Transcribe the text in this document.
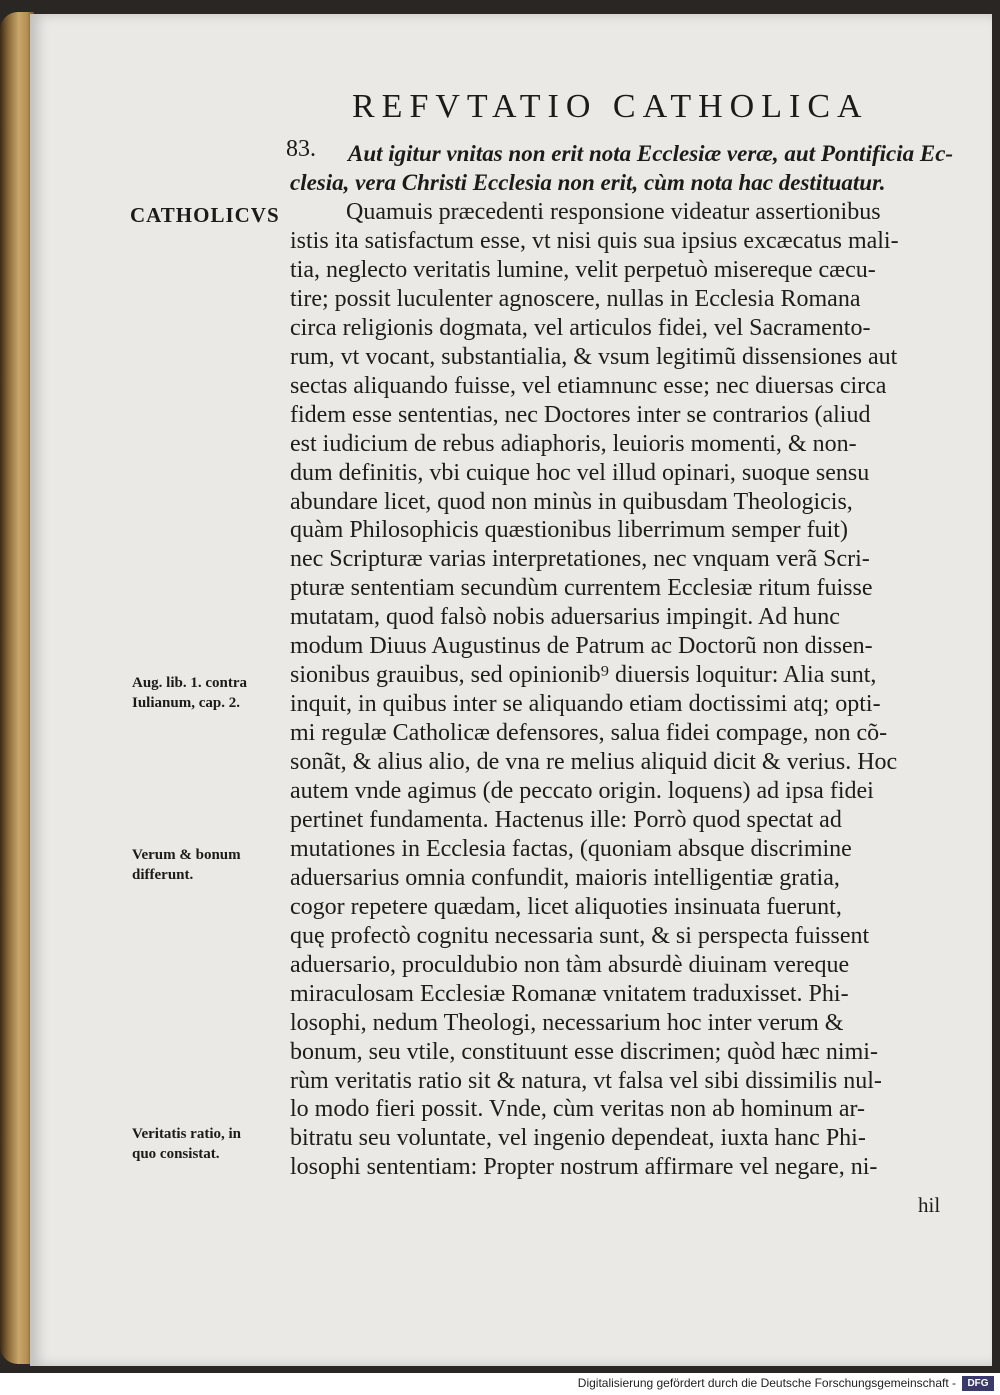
REFVTATIO CATHOLICA
83. Aut igitur vnitas non erit nota Ecclesiæ veræ, aut Pontificia Ec-
clesia, vera Christi Ecclesia non erit, cùm nota hac destituatur.
CATHOLICVS	Quamuis præcedenti responsione videatur assertionibus
istis ita satisfactum esse, vt nisi quis sua ipsius excæcatus mali-
tia, neglecto veritatis lumine, velit perpetuò misereque cæcu-
tire; possit luculenter agnoscere, nullas in Ecclesia Romana
circa religionis dogmata, vel articulos fidei, vel Sacramento-
rum, vt vocant, substantialia, & vsum legitimũ dissensiones aut
sectas aliquando fuisse, vel etiamnunc esse; nec diuersas circa
fidem esse sententias, nec Doctores inter se contrarios (aliud
est iudicium de rebus adiaphoris, leuioris momenti, & non-
dum definitis, vbi cuique hoc vel illud opinari, suoque sensu
abundare licet, quod non minùs in quibusdam Theologicis,
quàm Philosophicis quæstionibus liberrimum semper fuit)
nec Scripturæ varias interpretationes, nec vnquam verã Scri-
pturæ sententiam secundùm currentem Ecclesiæ ritum fuisse
mutatam, quod falsò nobis aduersarius impingit. Ad hunc
modum Diuus Augustinus de Patrum ac Doctorũ non dissen-
sionibus grauibus, sed opinionib⁹ diuersis loquitur: Alia sunt,
inquit, in quibus inter se aliquando etiam doctissimi atq; opti-
mi regulæ Catholicæ defensores, salua fidei compage, non cõ-
sonãt, & alius alio, de vna re melius aliquid dicit & verius. Hoc
autem vnde agimus (de peccato origin. loquens) ad ipsa fidei
pertinet fundamenta. Hactenus ille: Porrò quod spectat ad
mutationes in Ecclesia factas, (quoniam absque discrimine
aduersarius omnia confundit, maioris intelligentiæ gratia,
cogor repetere quædam, licet aliquoties insinuata fuerunt,
quę profectò cognitu necessaria sunt, & si perspecta fuissent
aduersario, proculdubio non tàm absurdè diuinam vereque
miraculosam Ecclesiæ Romanæ vnitatem traduxisset. Phi-
losophi, nedum Theologi, necessarium hoc inter verum &
bonum, seu vtile, constituunt esse discrimen; quòd hæc nimi-
rùm veritatis ratio sit & natura, vt falsa vel sibi dissimilis nul-
lo modo fieri possit. Vnde, cùm veritas non ab hominum ar-
bitratu seu voluntate, vel ingenio dependeat, iuxta hanc Phi-
losophi sententiam: Propter nostrum affirmare vel negare, ni-
hil
Aug. lib. 1. contra
Iulianum, cap. 2.
Verum & bonum
differunt.
Veritatis ratio, in
quo consistat.
Digitalisierung gefördert durch die Deutsche Forschungsgemeinschaft -	DFG
